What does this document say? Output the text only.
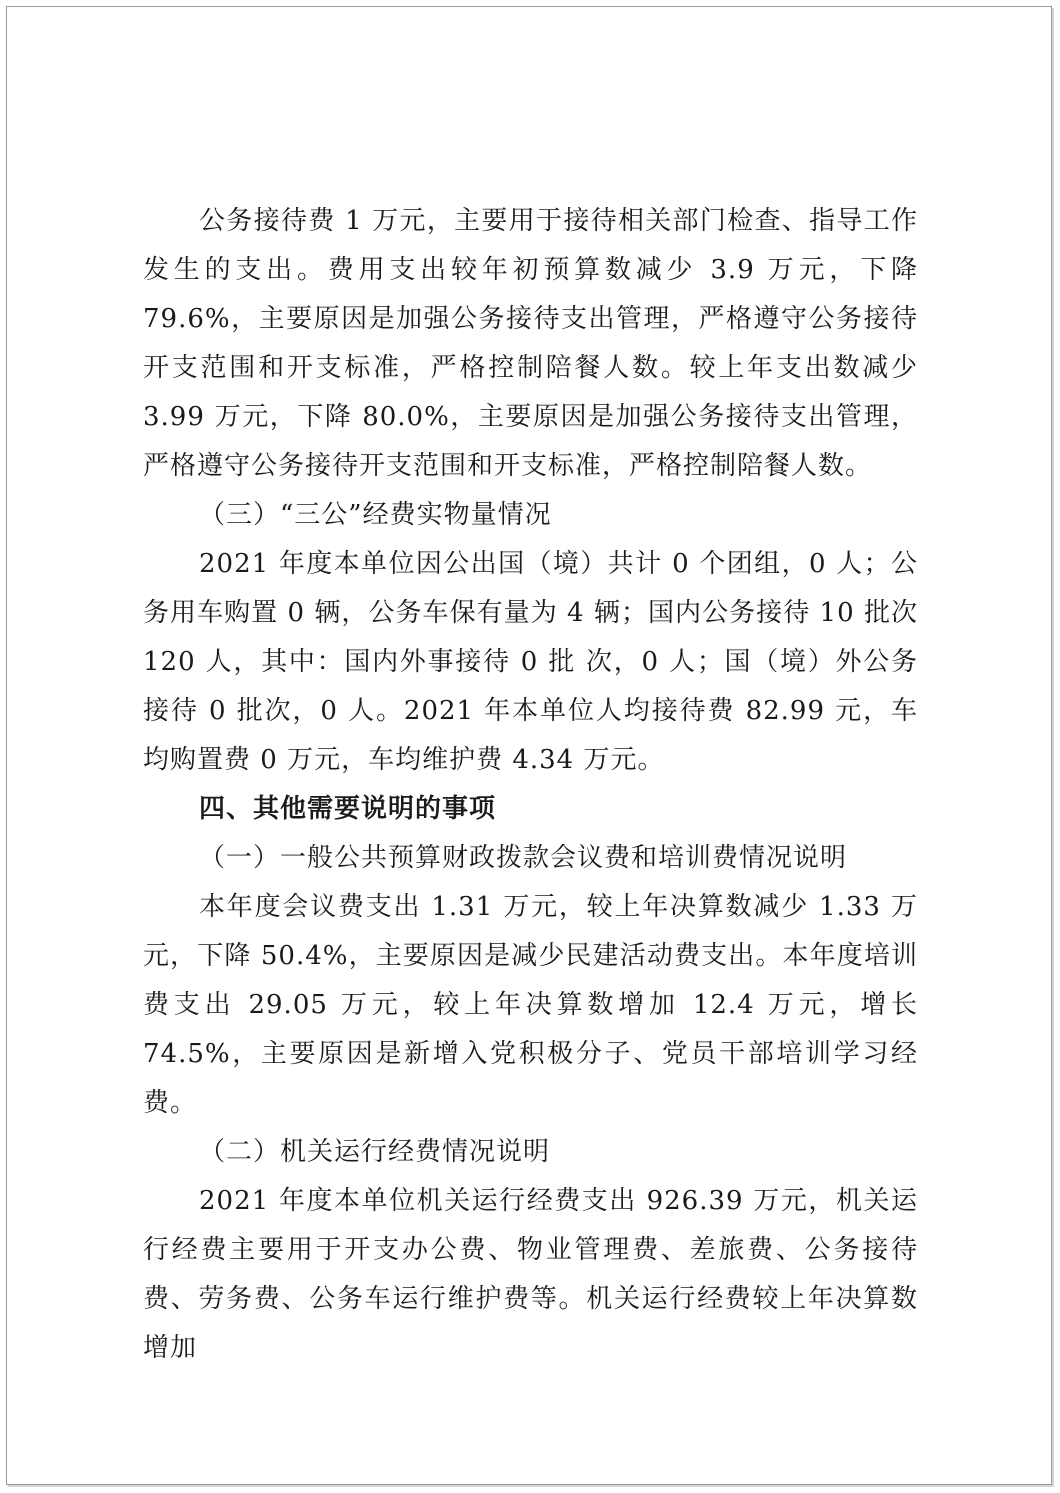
公务接待费 1 万元，主要用于接待相关部门检查、指导工作发生的支出。费用支出较年初预算数减少 3.9 万元，下降 79.6%，主要原因是加强公务接待支出管理，严格遵守公务接待开支范围和开支标准，严格控制陪餐人数。较上年支出数减少 3.99 万元，下降 80.0%，主要原因是加强公务接待支出管理，严格遵守公务接待开支范围和开支标准，严格控制陪餐人数。

（三）“三公”经费实物量情况

2021 年度本单位因公出国（境）共计 0 个团组，0 人；公务用车购置 0 辆，公务车保有量为 4 辆；国内公务接待 10 批次 120 人，其中：国内外事接待 0 批 次，0 人；国（境）外公务接待 0 批次，0 人。2021 年本单位人均接待费 82.99 元，车均购置费 0 万元，车均维护费 4.34 万元。

四、其他需要说明的事项

（一）一般公共预算财政拨款会议费和培训费情况说明

本年度会议费支出 1.31 万元，较上年决算数减少 1.33 万元，下降 50.4%，主要原因是减少民建活动费支出。本年度培训费支出 29.05 万元，较上年决算数增加 12.4 万元，增长 74.5%，主要原因是新增入党积极分子、党员干部培训学习经费。

（二）机关运行经费情况说明

2021 年度本单位机关运行经费支出 926.39 万元，机关运行经费主要用于开支办公费、物业管理费、差旅费、公务接待费、劳务费、公务车运行维护费等。机关运行经费较上年决算数增加
